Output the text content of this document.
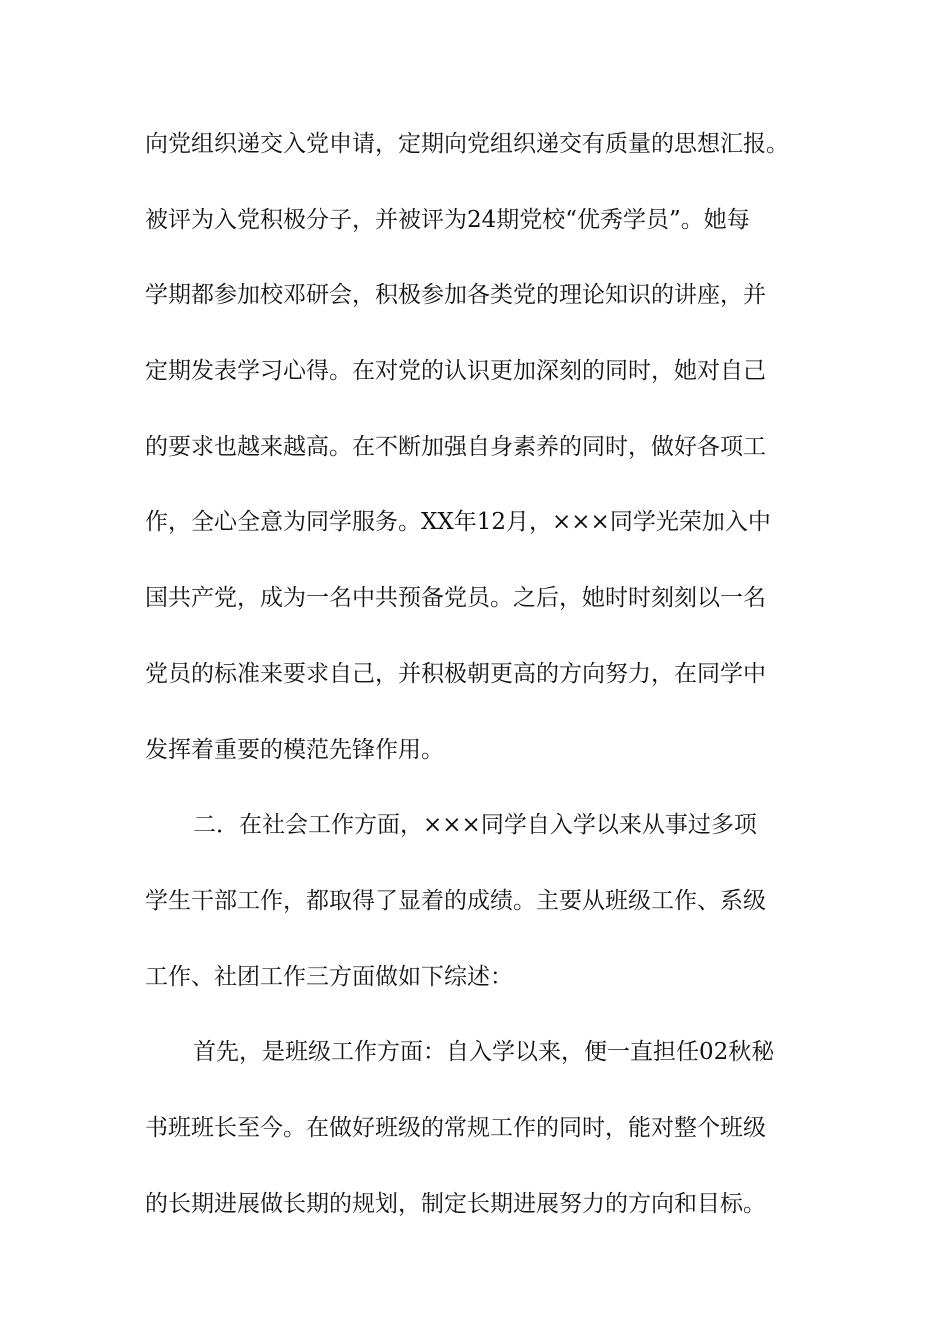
向党组织递交入党申请，定期向党组织递交有质量的思想汇报。
被评为入党积极分子，并被评为24期党校“优秀学员”。她每
学期都参加校邓研会，积极参加各类党的理论知识的讲座，并
定期发表学习心得。在对党的认识更加深刻的同时，她对自己
的要求也越来越高。在不断加强自身素养的同时，做好各项工
作，全心全意为同学服务。XX年12月，×××同学光荣加入中
国共产党，成为一名中共预备党员。之后，她时时刻刻以一名
党员的标准来要求自己，并积极朝更高的方向努力，在同学中
发挥着重要的模范先锋作用。
二．在社会工作方面，×××同学自入学以来从事过多项
学生干部工作，都取得了显着的成绩。主要从班级工作、系级
工作、社团工作三方面做如下综述：
首先，是班级工作方面：自入学以来，便一直担任02秋秘
书班班长至今。在做好班级的常规工作的同时，能对整个班级
的长期进展做长期的规划，制定长期进展努力的方向和目标。
